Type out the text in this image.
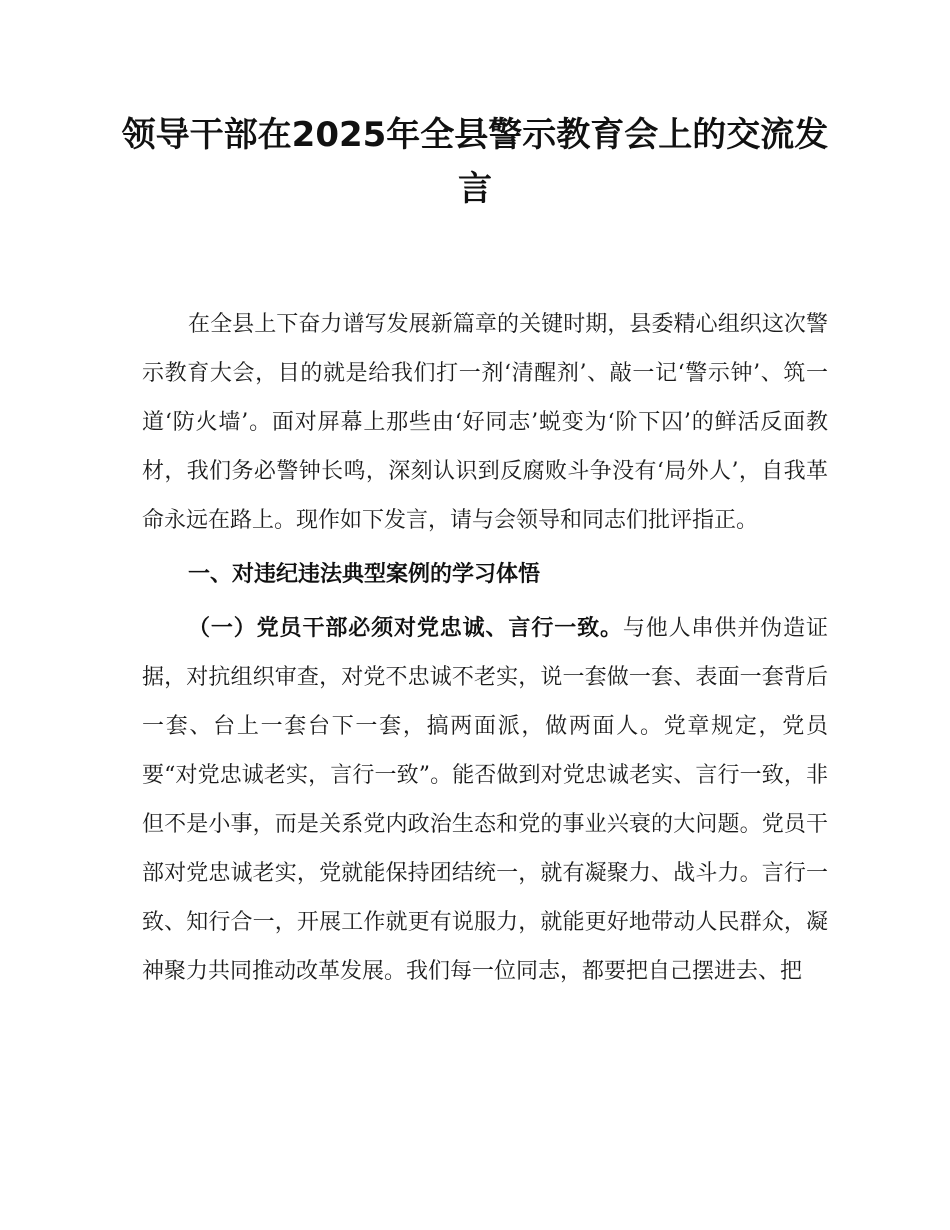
领导干部在2025年全县警示教育会上的交流发言

在全县上下奋力谱写发展新篇章的关键时期，县委精心组织这次警示教育大会，目的就是给我们打一剂‘清醒剂’、敲一记‘警示钟’、筑一道‘防火墙’。面对屏幕上那些由‘好同志’蜕变为‘阶下囚’的鲜活反面教材，我们务必警钟长鸣，深刻认识到反腐败斗争没有‘局外人’，自我革命永远在路上。现作如下发言，请与会领导和同志们批评指正。

一、对违纪违法典型案例的学习体悟

（一）党员干部必须对党忠诚、言行一致。与他人串供并伪造证据，对抗组织审查，对党不忠诚不老实，说一套做一套、表面一套背后一套、台上一套台下一套，搞两面派，做两面人。党章规定，党员要“对党忠诚老实，言行一致”。能否做到对党忠诚老实、言行一致，非但不是小事，而是关系党内政治生态和党的事业兴衰的大问题。党员干部对党忠诚老实，党就能保持团结统一，就有凝聚力、战斗力。言行一致、知行合一，开展工作就更有说服力，就能更好地带动人民群众，凝神聚力共同推动改革发展。我们每一位同志，都要把自己摆进去、把
